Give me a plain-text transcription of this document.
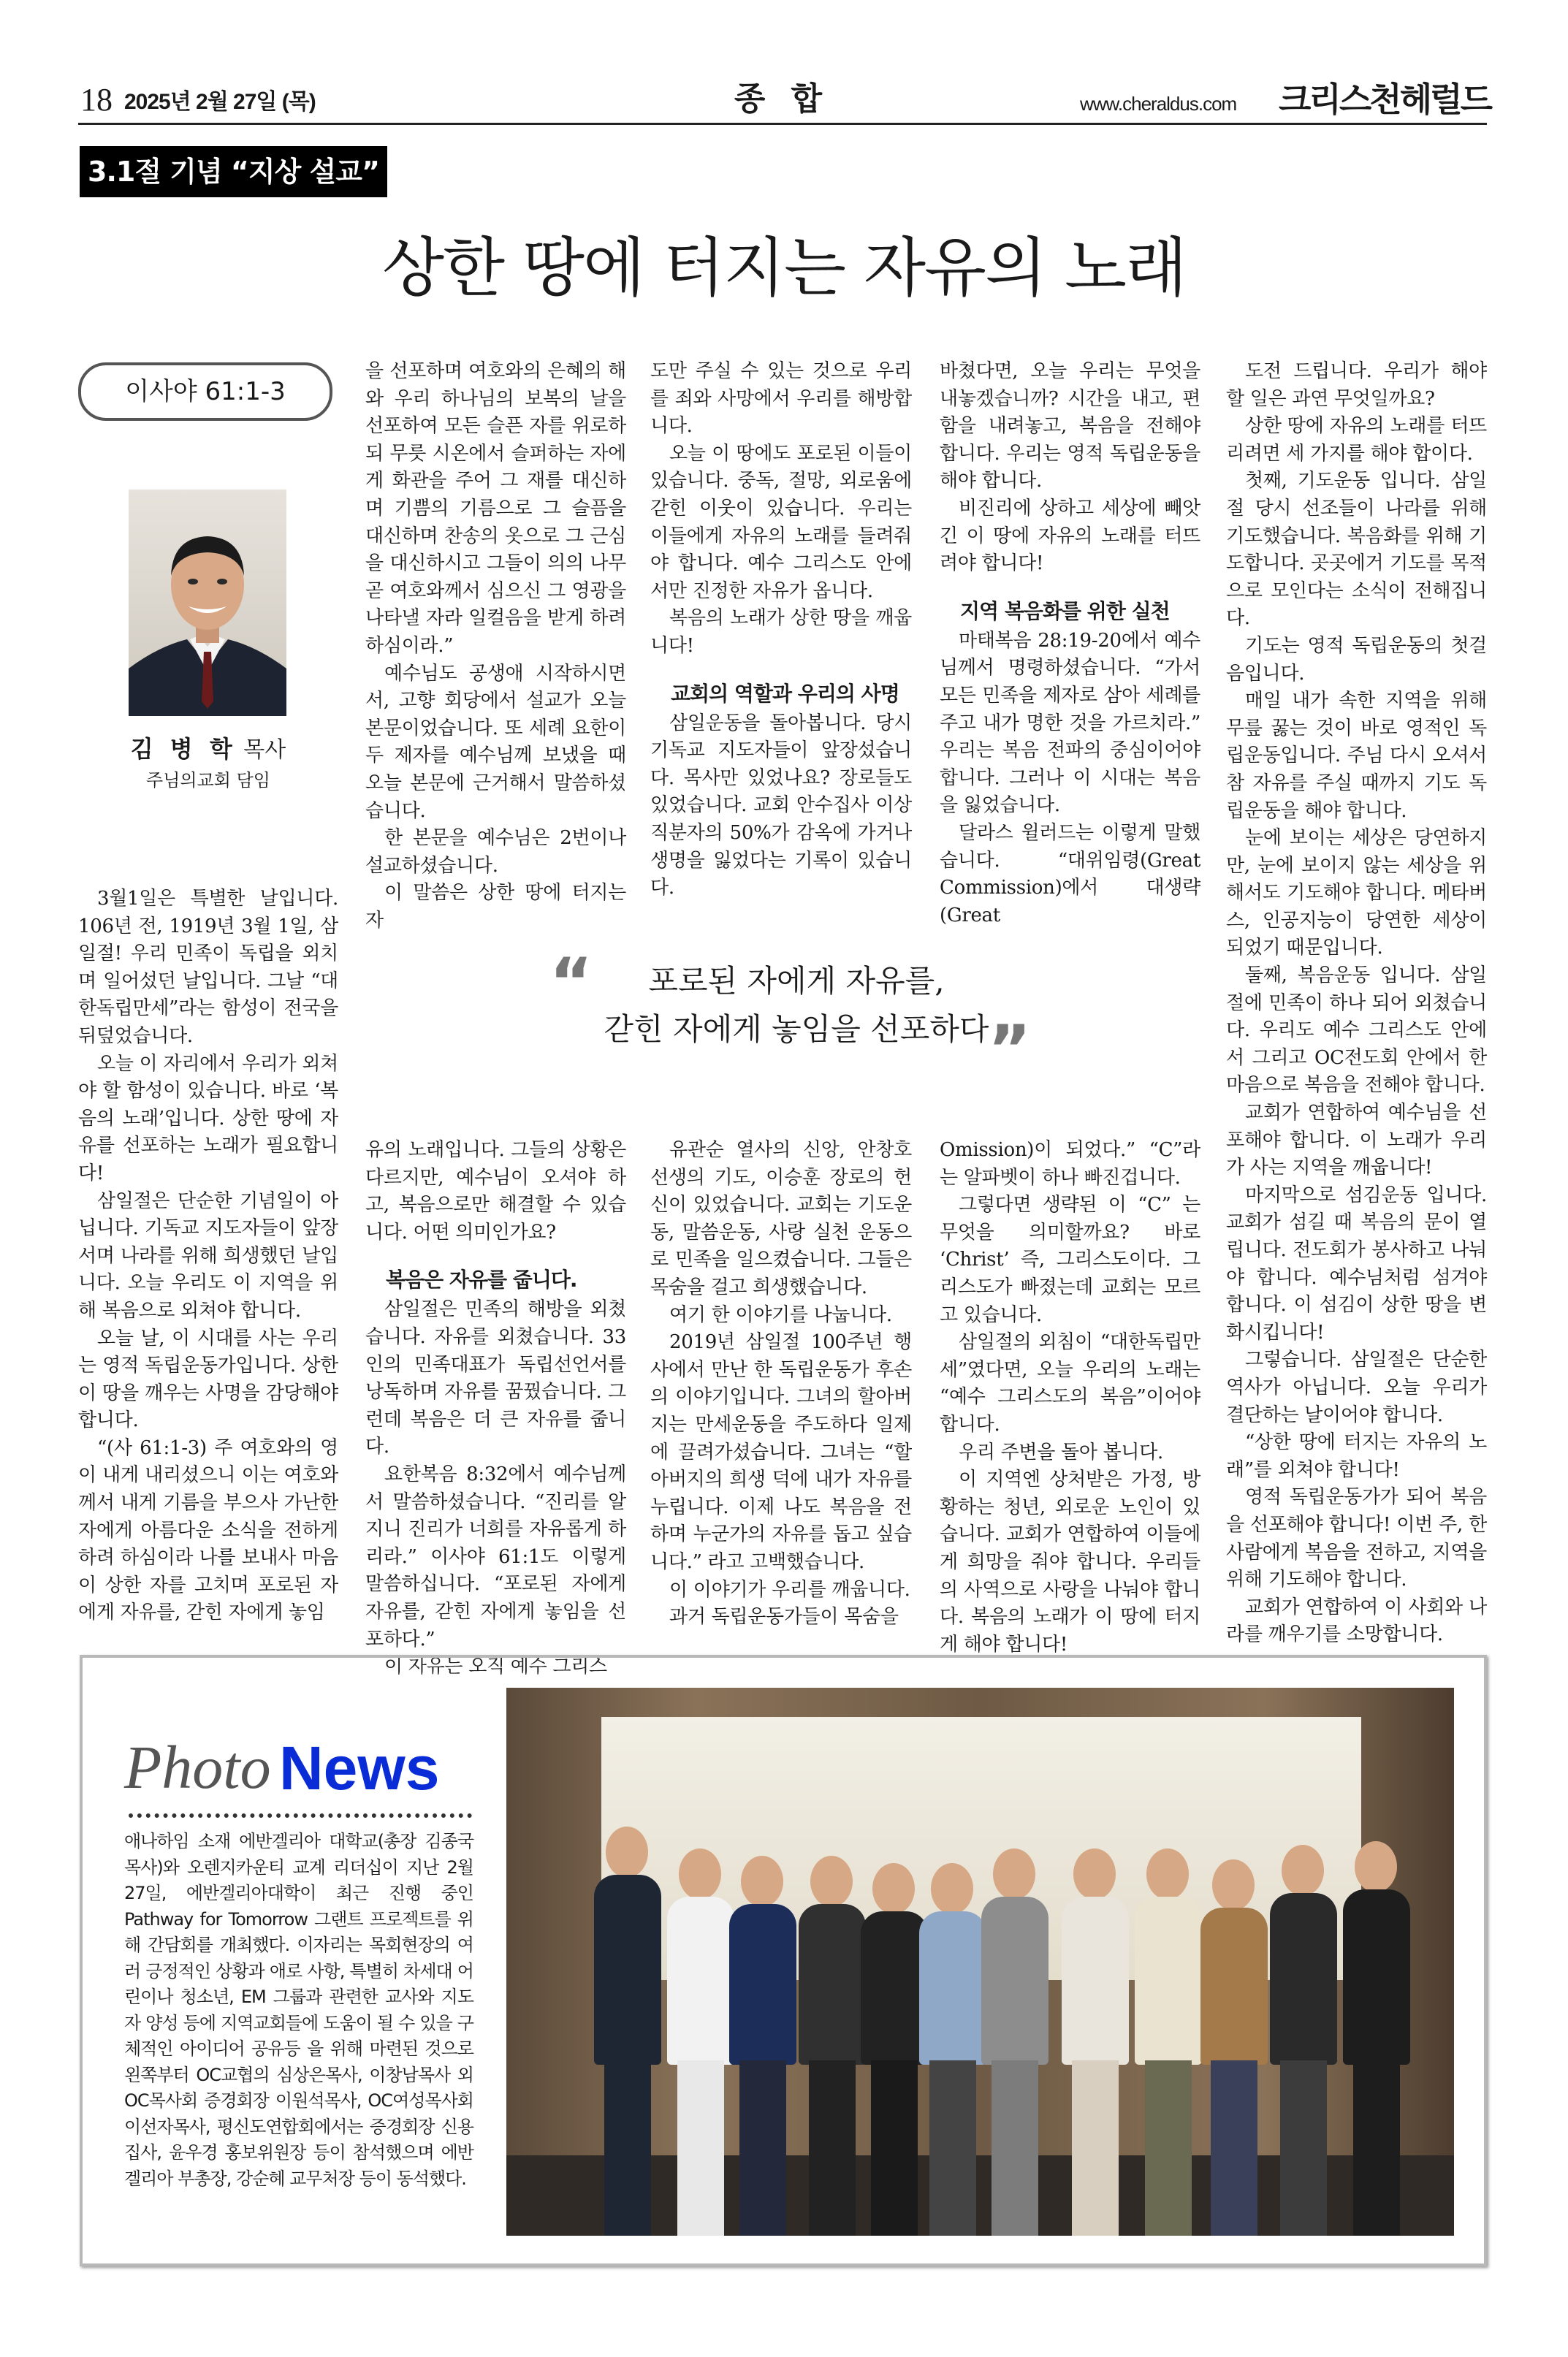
18 2025년 2월 27일 (목)	종 합	www.cheraldus.com 크리스천헤럴드
3.1절 기념 “지상 설교”
상한 땅에 터지는 자유의 노래
이사야 61:1-3
김 병 학 목사
주님의교회 담임

3월1일은 특별한 날입니다. 106년 전, 1919년 3월 1일, 삼일절! 우리 민족이 독립을 외치며 일어섰던 날입니다. 그날 “대한독립만세”라는 함성이 전국을 뒤덮었습니다.

오늘 이 자리에서 우리가 외쳐야 할 함성이 있습니다. 바로 ‘복음의 노래’입니다. 상한 땅에 자유를 선포하는 노래가 필요합니다!

삼일절은 단순한 기념일이 아닙니다. 기독교 지도자들이 앞장서며 나라를 위해 희생했던 날입니다. 오늘 우리도 이 지역을 위해 복음으로 외쳐야 합니다.

오늘 날, 이 시대를 사는 우리는 영적 독립운동가입니다. 상한 이 땅을 깨우는 사명을 감당해야 합니다.

“(사 61:1-3) 주 여호와의 영이 내게 내리셨으니 이는 여호와께서 내게 기름을 부으사 가난한 자에게 아름다운 소식을 전하게 하려 하심이라 나를 보내사 마음이 상한 자를 고치며 포로된 자에게 자유를, 갇힌 자에게 놓임

을 선포하며 여호와의 은혜의 해와 우리 하나님의 보복의 날을 선포하여 모든 슬픈 자를 위로하되 무릇 시온에서 슬퍼하는 자에게 화관을 주어 그 재를 대신하며 기쁨의 기름으로 그 슬픔을 대신하며 찬송의 옷으로 그 근심을 대신하시고 그들이 의의 나무 곧 여호와께서 심으신 그 영광을 나타낼 자라 일컬음을 받게 하려 하심이라.”

예수님도 공생애 시작하시면서, 고향 회당에서 설교가 오늘 본문이었습니다. 또 세례 요한이 두 제자를 예수님께 보냈을 때 오늘 본문에 근거해서 말씀하셨습니다.

한 본문을 예수님은 2번이나 설교하셨습니다.

이 말씀은 상한 땅에 터지는 자

도만 주실 수 있는 것으로 우리를 죄와 사망에서 우리를 해방합니다.

오늘 이 땅에도 포로된 이들이 있습니다. 중독, 절망, 외로움에 갇힌 이웃이 있습니다. 우리는 이들에게 자유의 노래를 들려줘야 합니다. 예수 그리스도 안에서만 진정한 자유가 옵니다.

복음의 노래가 상한 땅을 깨웁니다!

교회의 역할과 우리의 사명

삼일운동을 돌아봅니다. 당시 기독교 지도자들이 앞장섰습니다. 목사만 있었나요? 장로들도 있었습니다. 교회 안수집사 이상 직분자의 50%가 감옥에 가거나 생명을 잃었다는 기록이 있습니다.

바쳤다면, 오늘 우리는 무엇을 내놓겠습니까? 시간을 내고, 편함을 내려놓고, 복음을 전해야 합니다. 우리는 영적 독립운동을 해야 합니다.

비진리에 상하고 세상에 빼앗긴 이 땅에 자유의 노래를 터뜨려야 합니다!

지역 복음화를 위한 실천

마태복음 28:19-20에서 예수님께서 명령하셨습니다. “가서 모든 민족을 제자로 삼아 세례를 주고 내가 명한 것을 가르치라.” 우리는 복음 전파의 중심이어야 합니다. 그러나 이 시대는 복음을 잃었습니다.

달라스 윌러드는 이렇게 말했습니다. “대위임령(Great Commission)에서 대생략(Great

도전 드립니다. 우리가 해야 할 일은 과연 무엇일까요?

상한 땅에 자유의 노래를 터뜨리려면 세 가지를 해야 합이다.

첫째, 기도운동 입니다. 삼일절 당시 선조들이 나라를 위해 기도했습니다. 복음화를 위해 기도합니다. 곳곳에거 기도를 목적으로 모인다는 소식이 전해집니다.

기도는 영적 독립운동의 첫걸음입니다.

매일 내가 속한 지역을 위해 무릎 꿇는 것이 바로 영적인 독립운동입니다. 주님 다시 오셔서 참 자유를 주실 때까지 기도 독립운동을 해야 합니다.

눈에 보이는 세상은 당연하지만, 눈에 보이지 않는 세상을 위해서도 기도해야 합니다. 메타버스, 인공지능이 당연한 세상이 되었기 때문입니다.

둘째, 복음운동 입니다. 삼일절에 민족이 하나 되어 외쳤습니다. 우리도 예수 그리스도 안에서 그리고 OC전도회 안에서 한마음으로 복음을 전해야 합니다.

교회가 연합하여 예수님을 선포해야 합니다. 이 노래가 우리가 사는 지역을 깨웁니다!

마지막으로 섬김운동 입니다. 교회가 섬길 때 복음의 문이 열립니다. 전도회가 봉사하고 나눠야 합니다. 예수님처럼 섬겨야 합니다. 이 섬김이 상한 땅을 변화시킵니다!

그렇습니다. 삼일절은 단순한 역사가 아닙니다. 오늘 우리가 결단하는 날이어야 합니다.

“상한 땅에 터지는 자유의 노래”를 외쳐야 합니다!

영적 독립운동가가 되어 복음을 선포해야 합니다! 이번 주, 한 사람에게 복음을 전하고, 지역을 위해 기도해야 합니다.

교회가 연합하여 이 사회와 나라를 깨우기를 소망합니다.

유의 노래입니다. 그들의 상황은 다르지만, 예수님이 오셔야 하고, 복음으로만 해결할 수 있습니다. 어떤 의미인가요?

복음은 자유를 줍니다.

삼일절은 민족의 해방을 외쳤습니다. 자유를 외쳤습니다. 33인의 민족대표가 독립선언서를 낭독하며 자유를 꿈꿨습니다. 그런데 복음은 더 큰 자유를 줍니다.

요한복음 8:32에서 예수님께서 말씀하셨습니다. “진리를 알지니 진리가 너희를 자유롭게 하리라.” 이사야 61:1도 이렇게 말씀하십니다. “포로된 자에게 자유를, 갇힌 자에게 놓임을 선포하다.”

이 자유는 오직 예수 그리스

유관순 열사의 신앙, 안창호 선생의 기도, 이승훈 장로의 헌신이 있었습니다. 교회는 기도운동, 말씀운동, 사랑 실천 운동으로 민족을 일으켰습니다. 그들은 목숨을 걸고 희생했습니다.

여기 한 이야기를 나눕니다.

2019년 삼일절 100주년 행사에서 만난 한 독립운동가 후손의 이야기입니다. 그녀의 할아버지는 만세운동을 주도하다 일제에 끌려가셨습니다. 그녀는 “할아버지의 희생 덕에 내가 자유를 누립니다. 이제 나도 복음을 전하며 누군가의 자유를 돕고 싶습니다.” 라고 고백했습니다.

이 이야기가 우리를 깨웁니다.

과거 독립운동가들이 목숨을

Omission)이 되었다.” “C”라는 알파벳이 하나 빠진겁니다.

그렇다면 생략된 이 “C” 는 무엇을 의미할까요? 바로 ‘Christ’ 즉, 그리스도이다. 그리스도가 빠졌는데 교회는 모르고 있습니다.

삼일절의 외침이 “대한독립만세”였다면, 오늘 우리의 노래는 “예수 그리스도의 복음”이어야 합니다.

우리 주변을 돌아 봅니다.

이 지역엔 상처받은 가정, 방황하는 청년, 외로운 노인이 있습니다. 교회가 연합하여 이들에게 희망을 줘야 합니다. 우리들의 사역으로 사랑을 나눠야 합니다. 복음의 노래가 이 땅에 터지게 해야 합니다!

“	포로된 자에게 자유를,
갇힌 자에게 놓임을 선포하다
”
Photo News
애나하임 소재 에반겔리아 대학교(총장 김종국 목사)와 오렌지카운티 교계 리더십이 지난 2월 27일, 에반겔리아대학이 최근 진행 중인 Pathway for Tomorrow 그랜트 프로젝트를 위해 간담회를 개최했다. 이자리는 목회현장의 여러 긍정적인 상황과 애로 사항, 특별히 차세대 어린이나 청소년, EM 그룹과 관련한 교사와 지도자 양성 등에 지역교회들에 도움이 될 수 있을 구체적인 아이디어 공유등 을 위해 마련된 것으로 왼쪽부터 OC교협의 심상은목사, 이창남목사 외 OC목사회 증경회장 이원석목사, OC여성목사회 이선자목사, 평신도연합회에서는 증경회장 신용집사, 윤우경 홍보위원장 등이 참석했으며 에반겔리아 부총장, 강순혜 교무처장 등이 동석했다.
